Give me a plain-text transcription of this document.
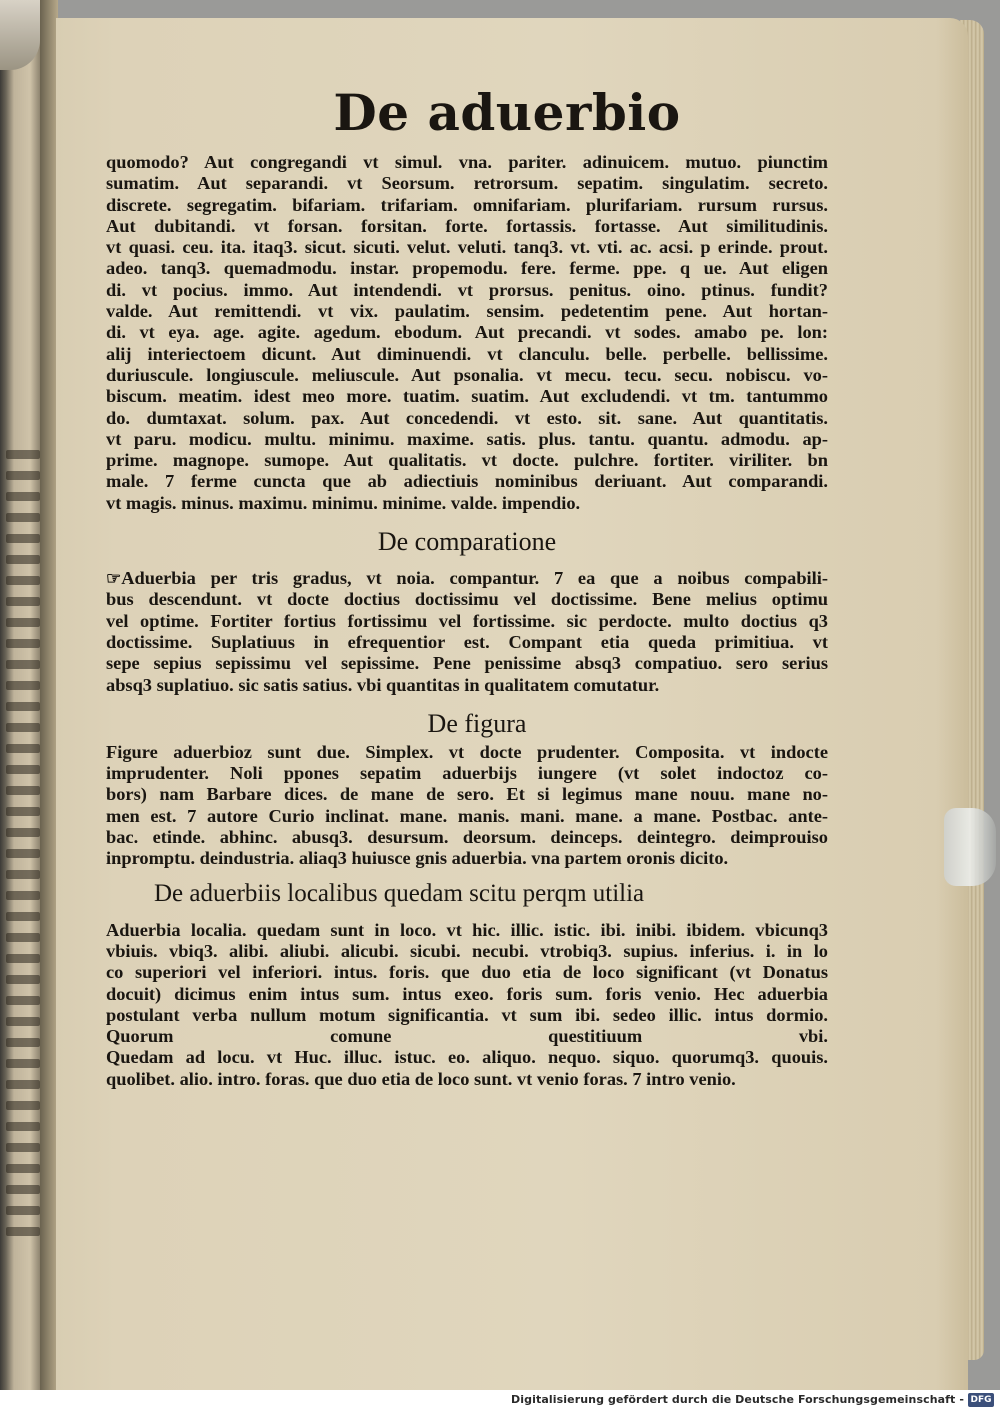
De aduerbio
quomodo? Aut congregandi vt simul. vna. pariter. adinuicem. mutuo. piunctim
sumatim. Aut separandi. vt Seorsum. retrorsum. sepatim. singulatim. secreto.
discrete. segregatim. bifariam. trifariam. omnifariam. plurifariam. rursum rursus.
Aut dubitandi. vt forsan. forsitan. forte. fortassis. fortasse. Aut similitudinis.
vt quasi. ceu. ita. itaq3. sicut. sicuti. velut. veluti. tanq3. vt. vti. ac. acsi. p erinde. prout.
adeo. tanq3. quemadmodu. instar. propemodu. fere. ferme. ppe. q ue. Aut eligen
di. vt pocius. immo. Aut intendendi. vt prorsus. penitus. oino. ptinus. fundit?
valde. Aut remittendi. vt vix. paulatim. sensim. pedetentim pene. Aut hortan-
di. vt eya. age. agite. agedum. ebodum. Aut precandi. vt sodes. amabo pe. lon:
alij interiectoem dicunt. Aut diminuendi. vt clanculu. belle. perbelle. bellissime.
duriuscule. longiuscule. meliuscule. Aut psonalia. vt mecu. tecu. secu. nobiscu. vo-
biscum. meatim. idest meo more. tuatim. suatim. Aut excludendi. vt tm. tantummo
do. dumtaxat. solum. pax. Aut concedendi. vt esto. sit. sane. Aut quantitatis.
vt paru. modicu. multu. minimu. maxime. satis. plus. tantu. quantu. admodu. ap-
prime. magnope. sumope. Aut qualitatis. vt docte. pulchre. fortiter. viriliter. bn
male. 7 ferme cuncta que ab adiectiuis nominibus deriuant. Aut comparandi.
vt magis. minus. maximu. minimu. minime. valde. impendio.
De comparatione
☞Aduerbia per tris gradus, vt noia. compantur. 7 ea que a noibus compabili-
bus descendunt. vt docte doctius doctissimu vel doctissime. Bene melius optimu
vel optime. Fortiter fortius fortissimu vel fortissime. sic perdocte. multo doctius q3
doctissime. Suplatiuus in efrequentior est. Compant etia queda primitiua. vt
sepe sepius sepissimu vel sepissime. Pene penissime absq3 compatiuo. sero serius
absq3 suplatiuo. sic satis satius. vbi quantitas in qualitatem comutatur.
De figura
Figure aduerbioz sunt due. Simplex. vt docte prudenter. Composita. vt indocte
imprudenter. Noli ppones sepatim aduerbijs iungere (vt solet indoctoz co-
bors) nam Barbare dices. de mane de sero. Et si legimus mane nouu. mane no-
men est. 7 autore Curio inclinat. mane. manis. mani. mane. a mane. Postbac. ante-
bac. etinde. abhinc. abusq3. desursum. deorsum. deinceps. deintegro. deimprouiso
inpromptu. deindustria. aliaq3 huiusce gnis aduerbia. vna partem oronis dicito.
De aduerbiis localibus quedam scitu perqm utilia
Aduerbia localia. quedam sunt in loco. vt hic. illic. istic. ibi. inibi. ibidem. vbicunq3
vbiuis. vbiq3. alibi. aliubi. alicubi. sicubi. necubi. vtrobiq3. supius. inferius. i. in lo
co superiori vel inferiori. intus. foris. que duo etia de loco significant (vt Donatus
docuit) dicimus enim intus sum. intus exeo. foris sum. foris venio. Hec aduerbia
postulant verba nullum motum significantia. vt sum ibi. sedeo illic. intus dormio.
Quorum comune questitiuum vbi.
Quedam ad locu. vt Huc. illuc. istuc. eo. aliquo. nequo. siquo. quorumq3. quouis.
quolibet. alio. intro. foras. que duo etia de loco sunt. vt venio foras. 7 intro venio.
Digitalisierung gefördert durch die Deutsche Forschungsgemeinschaft - DFG
